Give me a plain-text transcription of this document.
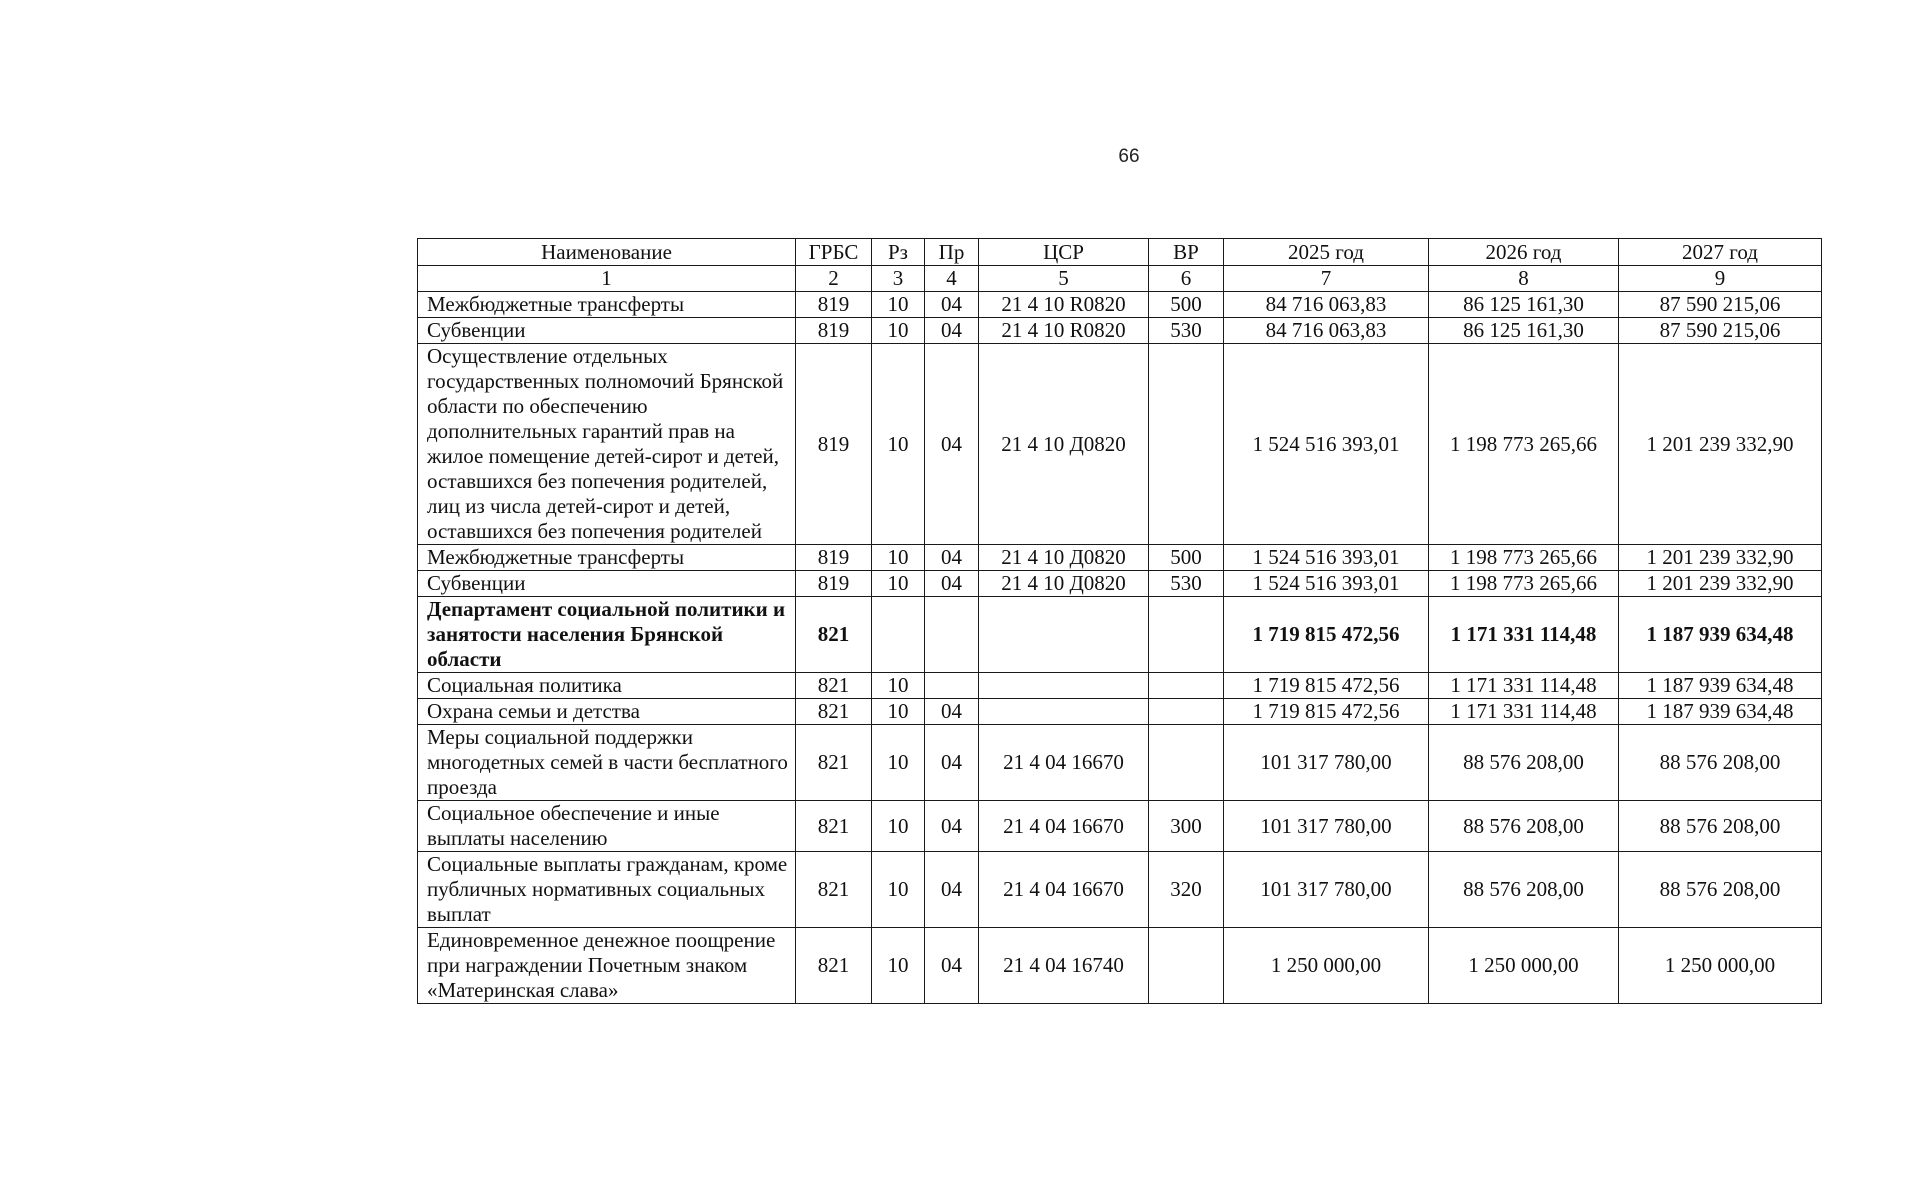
66
Наименование	ГРБС	Рз	Пр	ЦСР	ВР	2025 год	2026 год	2027 год
1	2	3	4	5	6	7	8	9
Межбюджетные трансферты	819	10	04	21 4 10 R0820	500	84 716 063,83	86 125 161,30	87 590 215,06
Субвенции	819	10	04	21 4 10 R0820	530	84 716 063,83	86 125 161,30	87 590 215,06
Осуществление отдельных государственных полномочий Брянской области по обеспечению дополнительных гарантий прав на жилое помещение детей-сирот и детей, оставшихся без попечения родителей, лиц из числа детей-сирот и детей, оставшихся без попечения родителей	819	10	04	21 4 10 Д0820		1 524 516 393,01	1 198 773 265,66	1 201 239 332,90
Межбюджетные трансферты	819	10	04	21 4 10 Д0820	500	1 524 516 393,01	1 198 773 265,66	1 201 239 332,90
Субвенции	819	10	04	21 4 10 Д0820	530	1 524 516 393,01	1 198 773 265,66	1 201 239 332,90
Департамент социальной политики и занятости населения Брянской области	821					1 719 815 472,56	1 171 331 114,48	1 187 939 634,48
Социальная политика	821	10				1 719 815 472,56	1 171 331 114,48	1 187 939 634,48
Охрана семьи и детства	821	10	04			1 719 815 472,56	1 171 331 114,48	1 187 939 634,48
Меры социальной поддержки многодетных семей в части бесплатного проезда	821	10	04	21 4 04 16670		101 317 780,00	88 576 208,00	88 576 208,00
Социальное обеспечение и иные выплаты населению	821	10	04	21 4 04 16670	300	101 317 780,00	88 576 208,00	88 576 208,00
Социальные выплаты гражданам, кроме публичных нормативных социальных выплат	821	10	04	21 4 04 16670	320	101 317 780,00	88 576 208,00	88 576 208,00
Единовременное денежное поощрение при награждении Почетным знаком «Материнская слава»	821	10	04	21 4 04 16740		1 250 000,00	1 250 000,00	1 250 000,00
